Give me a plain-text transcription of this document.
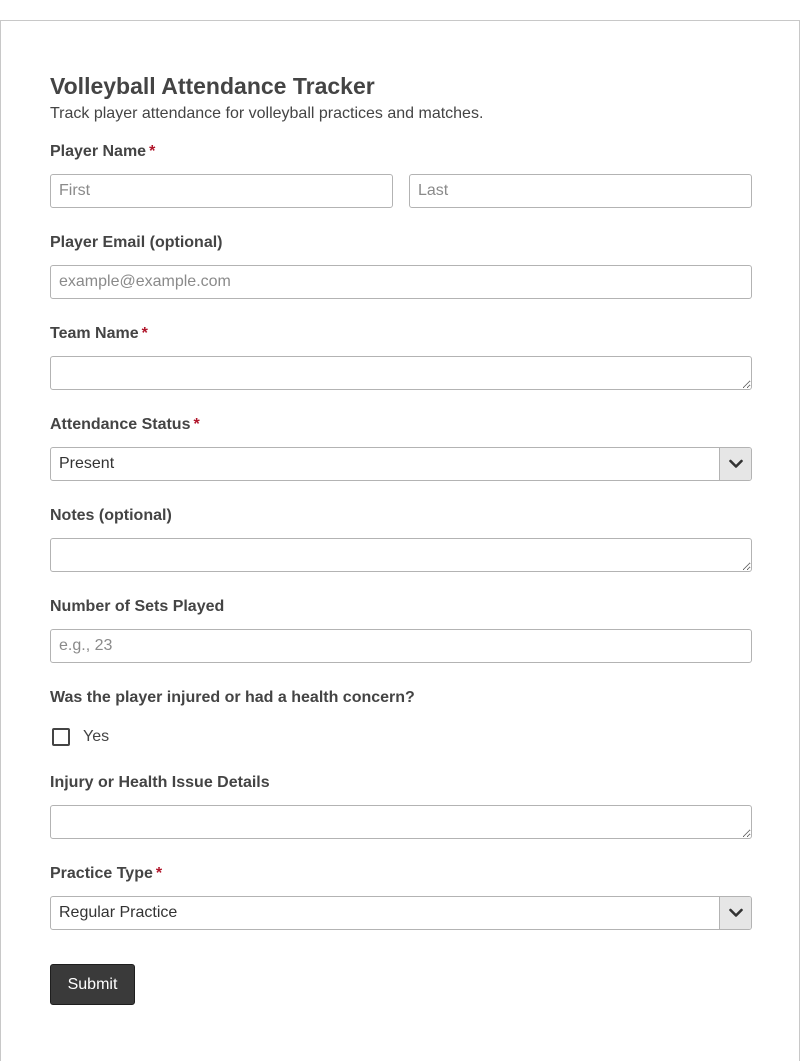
Volleyball Attendance Tracker
Track player attendance for volleyball practices and matches.
Player Name *
First
Last
Player Email (optional)
example@example.com
Team Name *
Attendance Status *
Present
Notes (optional)
Number of Sets Played
e.g., 23
Was the player injured or had a health concern?
Yes
Injury or Health Issue Details
Practice Type *
Regular Practice
Submit
